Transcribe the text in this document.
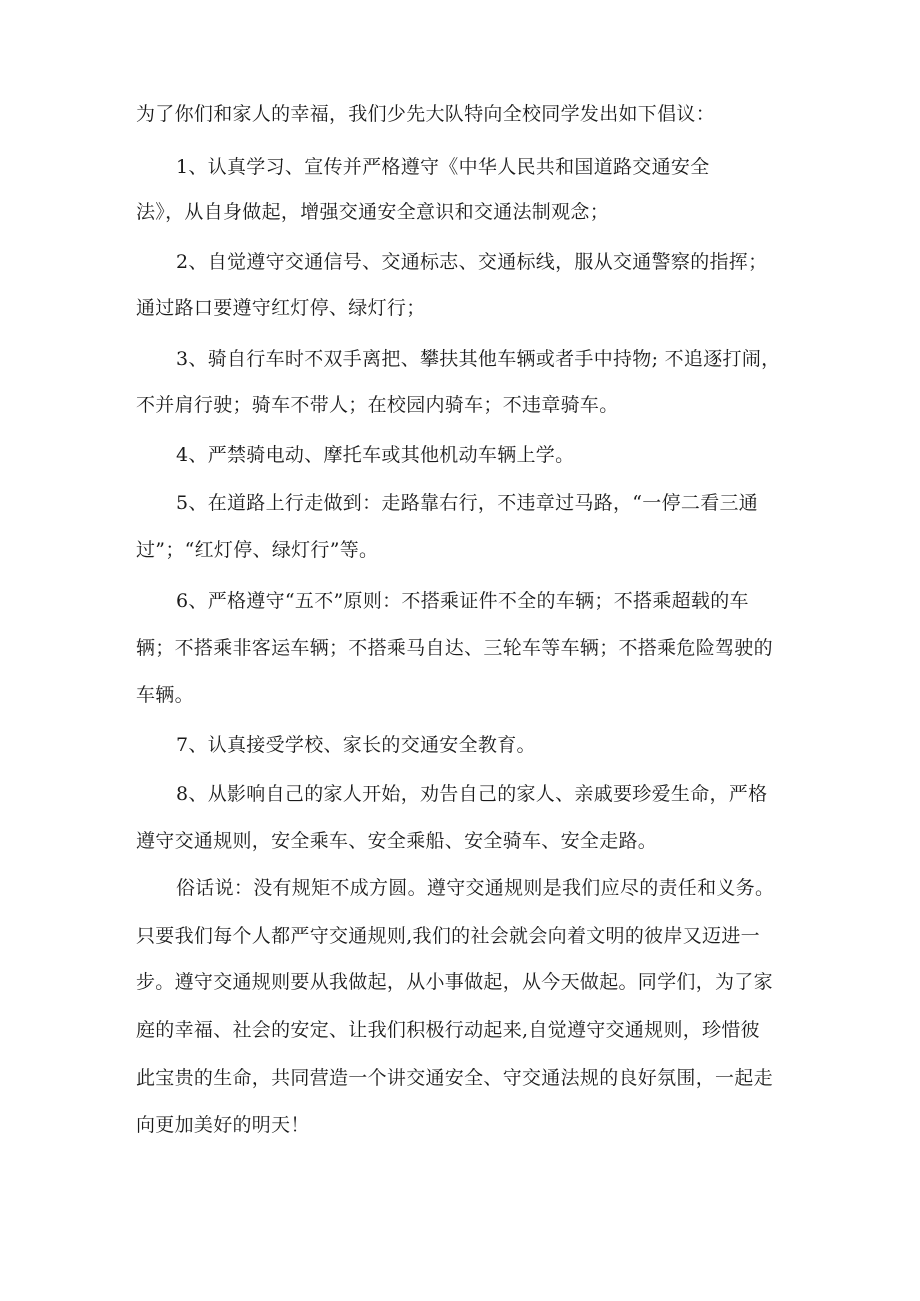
为了你们和家人的幸福，我们少先大队特向全校同学发出如下倡议：
1、认真学习、宣传并严格遵守《中华人民共和国道路交通安全
法》，从自身做起，增强交通安全意识和交通法制观念；
2、自觉遵守交通信号、交通标志、交通标线，服从交通警察的指挥；
通过路口要遵守红灯停、绿灯行；
3、骑自行车时不双手离把、攀扶其他车辆或者手中持物; 不追逐打闹，
不并肩行驶；骑车不带人；在校园内骑车；不违章骑车。
4、严禁骑电动、摩托车或其他机动车辆上学。
5、在道路上行走做到：走路靠右行，不违章过马路，“一停二看三通
过”；“红灯停、绿灯行”等。
6、严格遵守“五不”原则：不搭乘证件不全的车辆；不搭乘超载的车
辆；不搭乘非客运车辆；不搭乘马自达、三轮车等车辆；不搭乘危险驾驶的
车辆。
7、认真接受学校、家长的交通安全教育。
8、从影响自己的家人开始，劝告自己的家人、亲戚要珍爱生命，严格
遵守交通规则，安全乘车、安全乘船、安全骑车、安全走路。
俗话说：没有规矩不成方圆。遵守交通规则是我们应尽的责任和义务。
只要我们每个人都严守交通规则,我们的社会就会向着文明的彼岸又迈进一
步。遵守交通规则要从我做起，从小事做起，从今天做起。同学们，为了家
庭的幸福、社会的安定、让我们积极行动起来,自觉遵守交通规则，珍惜彼
此宝贵的生命，共同营造一个讲交通安全、守交通法规的良好氛围，一起走
向更加美好的明天！
